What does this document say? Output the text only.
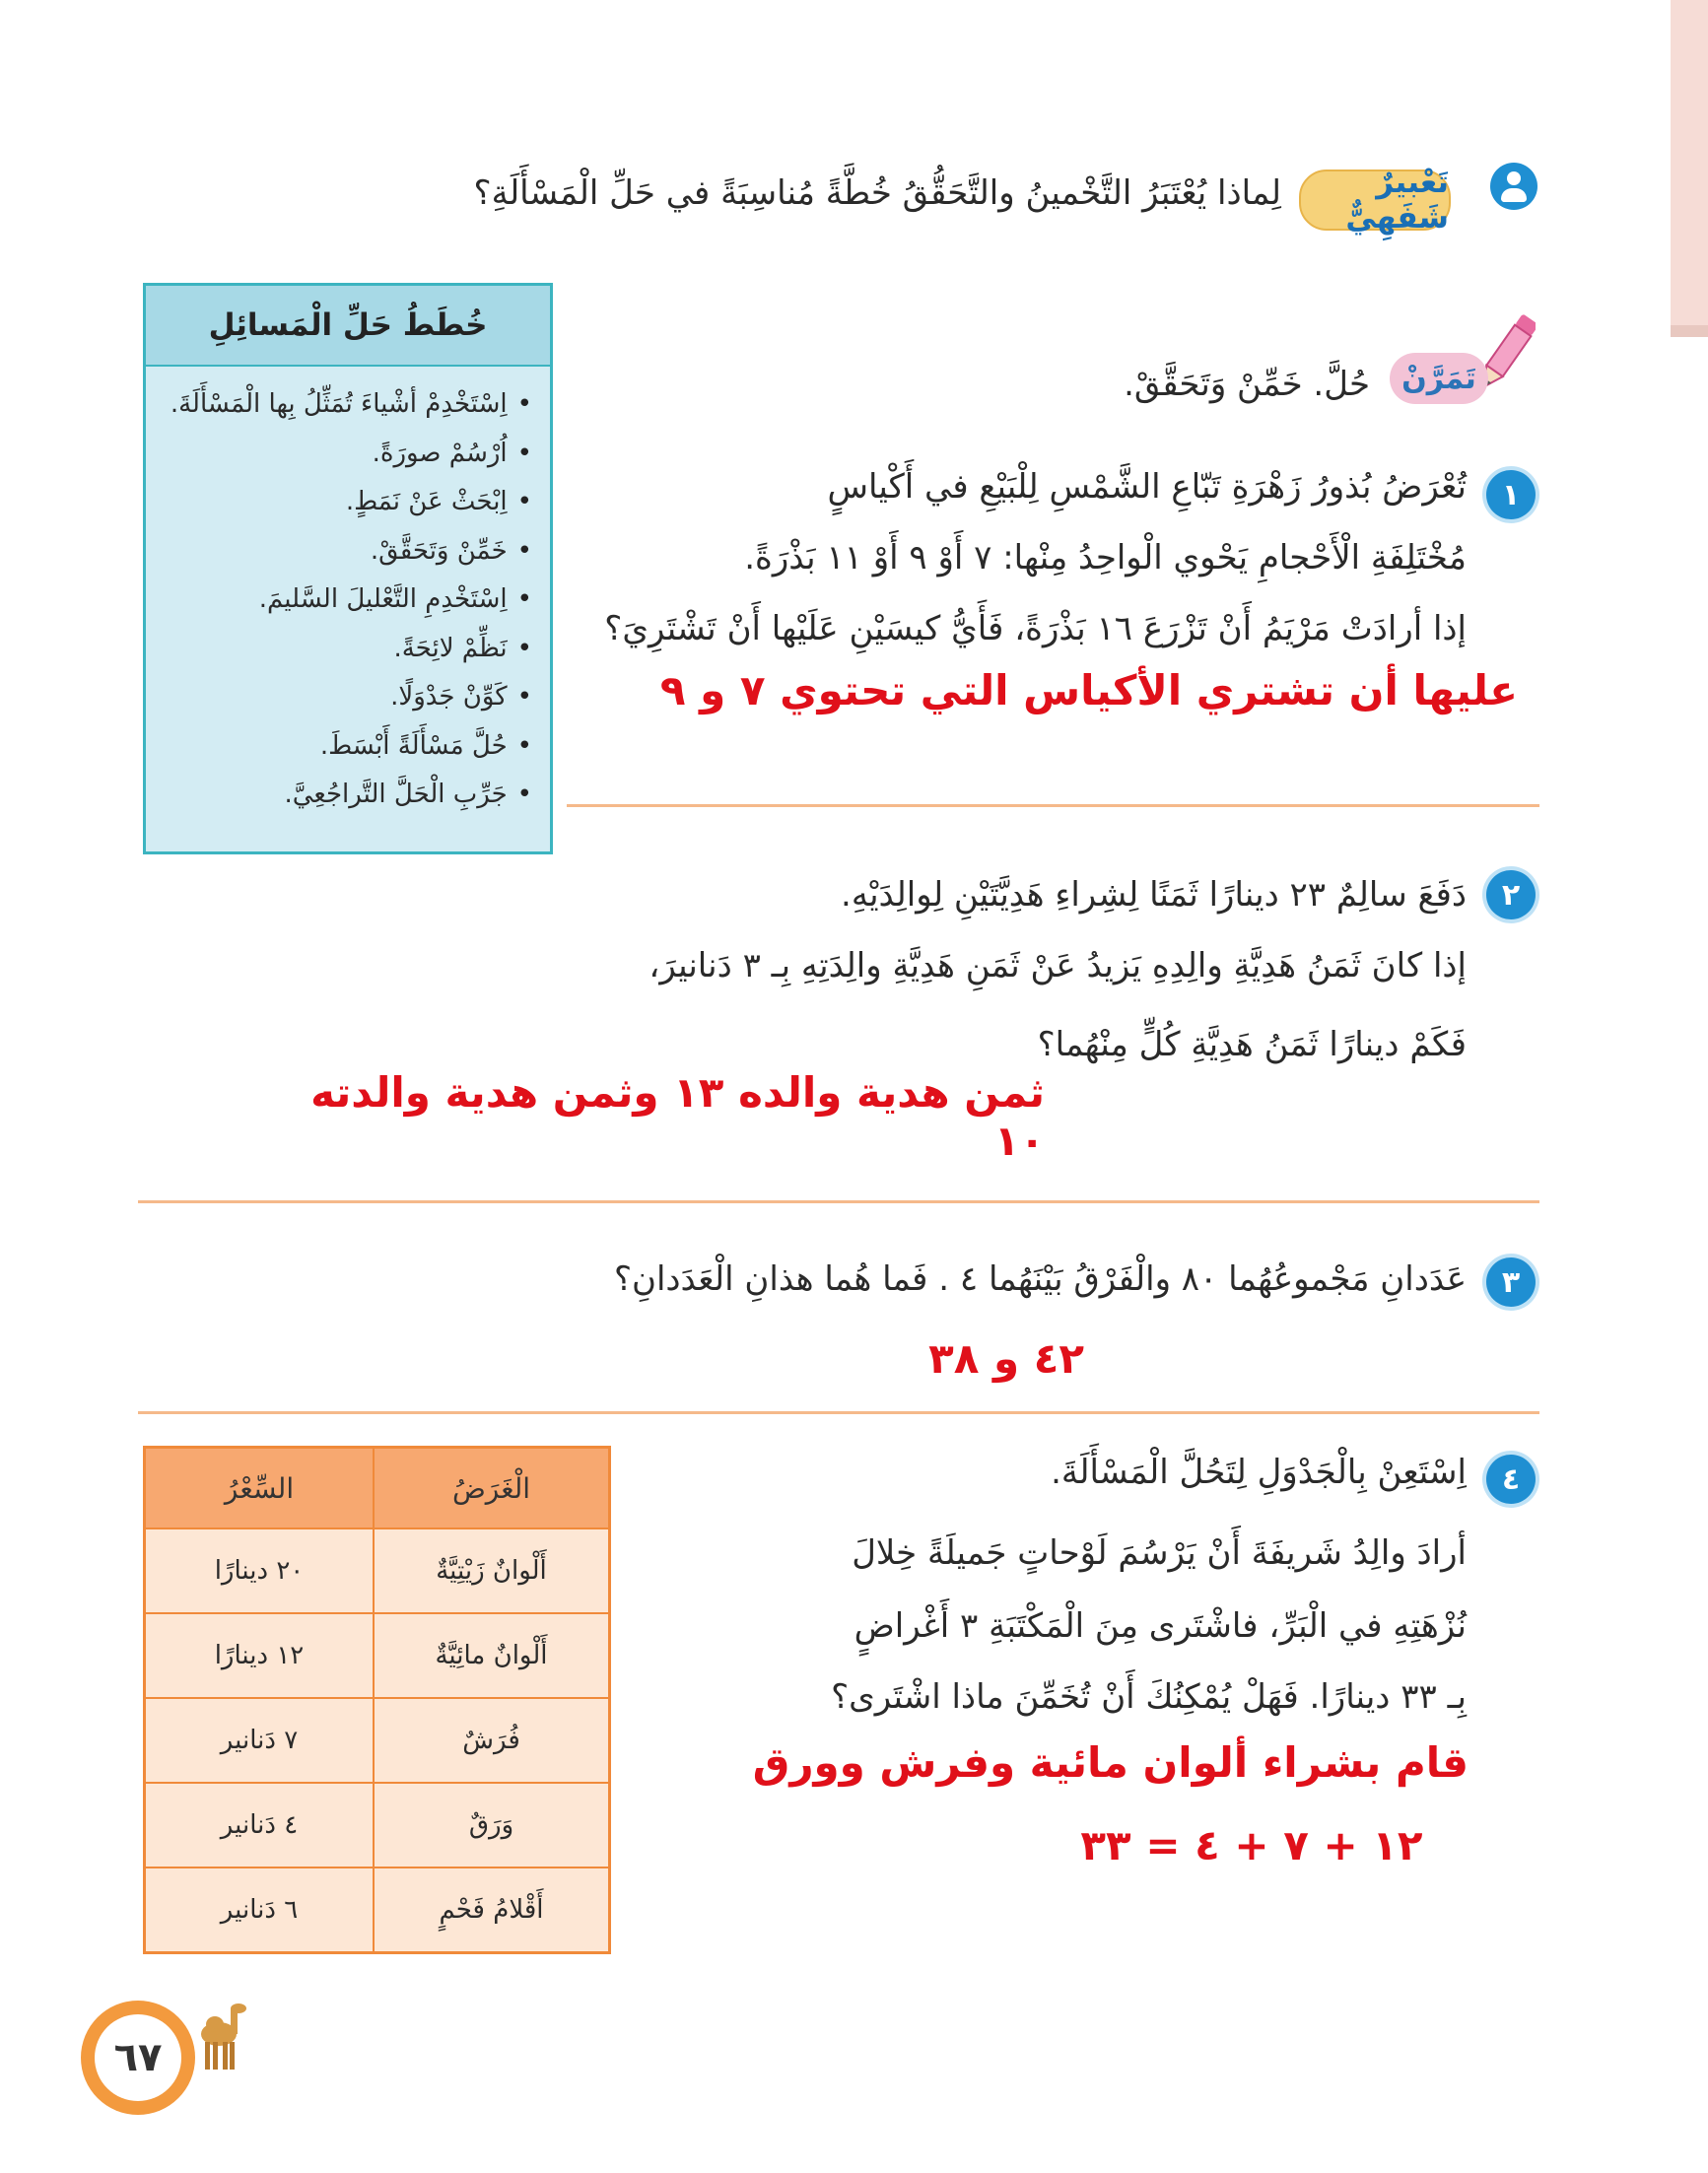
تَعْبيرٌ شَفَهِيٌّ
لِماذا يُعْتَبَرُ التَّخْمينُ والتَّحَقُّقُ خُطَّةً مُناسِبَةً في حَلِّ الْمَسْأَلَةِ؟
خُطَطُ حَلِّ الْمَسائِلِ
•اِسْتَخْدِمْ أشْياءَ تُمَثِّلُ بِها الْمَسْأَلَةَ.
•اُرْسُمْ صورَةً.
•اِبْحَثْ عَنْ نَمَطٍ.
•خَمِّنْ وَتَحَقَّقْ.
•اِسْتَخْدِمِ التَّعْليلَ السَّليمَ.
•نَظِّمْ لائِحَةً.
•كَوِّنْ جَدْوَلًا.
•حُلَّ مَسْأَلَةً أَبْسَطَ.
•جَرِّبِ الْحَلَّ التَّراجُعِيَّ.
تَمَرَّنْ
حُلَّ. خَمِّنْ وَتَحَقَّقْ.
١
تُعْرَضُ بُذورُ زَهْرَةِ تَبّاعِ الشَّمْسِ لِلْبَيْعِ في أَكْياسٍ
مُخْتَلِفَةِ الْأَحْجامِ يَحْوي الْواحِدُ مِنْها: ٧ أَوْ ٩ أَوْ ١١ بَذْرَةً.
إذا أرادَتْ مَرْيَمُ أَنْ تَزْرَعَ ١٦ بَذْرَةً، فَأَيُّ كيسَيْنِ عَلَيْها أَنْ تَشْتَرِيَ؟
عليها أن تشتري الأكياس التي تحتوي ٧ و ٩
٢
دَفَعَ سالِمٌ ٢٣ دينارًا ثَمَنًا لِشِراءِ هَدِيَّتَيْنِ لِوالِدَيْهِ.
إذا كانَ ثَمَنُ هَدِيَّةِ والِدِهِ يَزيدُ عَنْ ثَمَنِ هَدِيَّةِ والِدَتِهِ بِـ ٣ دَنانيرَ،
فَكَمْ دينارًا ثَمَنُ هَدِيَّةِ كُلٍّ مِنْهُما؟
ثمن هدية والده ١٣ وثمن هدية والدته ١٠
٣
عَدَدانِ مَجْموعُهُما ٨٠ والْفَرْقُ بَيْنَهُما ٤ . فَما هُما هذانِ الْعَدَدانِ؟
٤٢ و ٣٨
٤
اِسْتَعِنْ بِالْجَدْوَلِ لِتَحُلَّ الْمَسْأَلَةَ.
أرادَ والِدُ شَريفَةَ أَنْ يَرْسُمَ لَوْحاتٍ جَميلَةً خِلالَ
نُزْهَتِهِ في الْبَرِّ، فاشْتَرى مِنَ الْمَكْتَبَةِ ٣ أَغْراضٍ
بِـ ٣٣ دينارًا. فَهَلْ يُمْكِنُكَ أَنْ تُخَمِّنَ ماذا اشْتَرى؟
قام بشراء ألوان مائية وفرش وورق
١٢ + ٧ + ٤ = ٣٣
السِّعْرُ	الْغَرَضُ
٢٠ دينارًا	أَلْوانٌ زَيْتِيَّةٌ
١٢ دينارًا	أَلْوانٌ مائِيَّةٌ
٧ دَنانير	فُرَشٌ
٤ دَنانير	وَرَقٌ
٦ دَنانير	أَقْلامُ فَحْمٍ
٦٧
